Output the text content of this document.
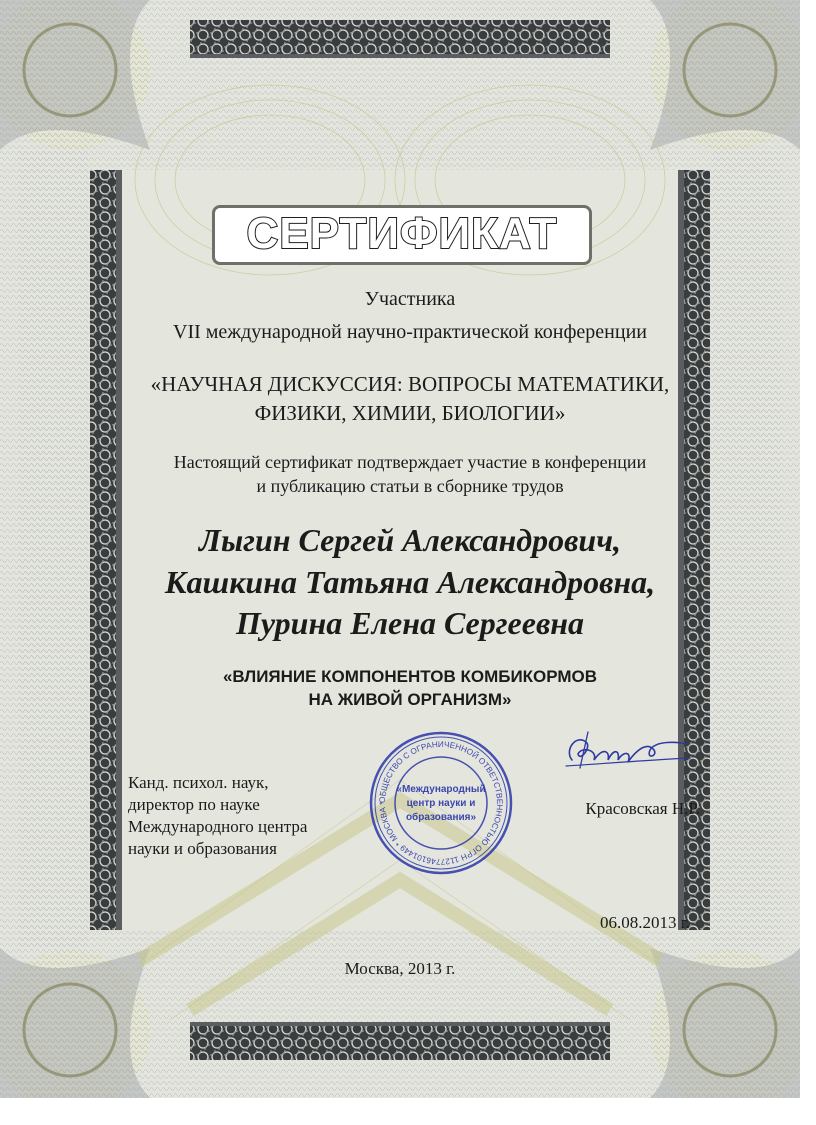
СЕРТИФИКАТ
Участника
VII международной научно-практической конференции
«НАУЧНАЯ ДИСКУССИЯ: ВОПРОСЫ МАТЕМАТИКИ,
ФИЗИКИ, ХИМИИ, БИОЛОГИИ»
Настоящий сертификат подтверждает участие в конференции
и публикацию статьи в сборнике трудов
Лыгин Сергей Александрович,
Кашкина Татьяна Александровна,
Пурина Елена Сергеевна
«ВЛИЯНИЕ КОМПОНЕНТОВ КОМБИКОРМОВ
НА ЖИВОЙ ОРГАНИЗМ»
Канд. психол. наук,
директор по науке
Международного центра
науки и образования
ОБЩЕСТВО С ОГРАНИЧЕННОЙ ОТВЕТСТВЕННОСТЬЮ ОГРН 1127746101449 * МОСКВА *
«Международный
центр науки и
образования»	Красовская Н.Р.
06.08.2013 г.
Москва, 2013 г.
